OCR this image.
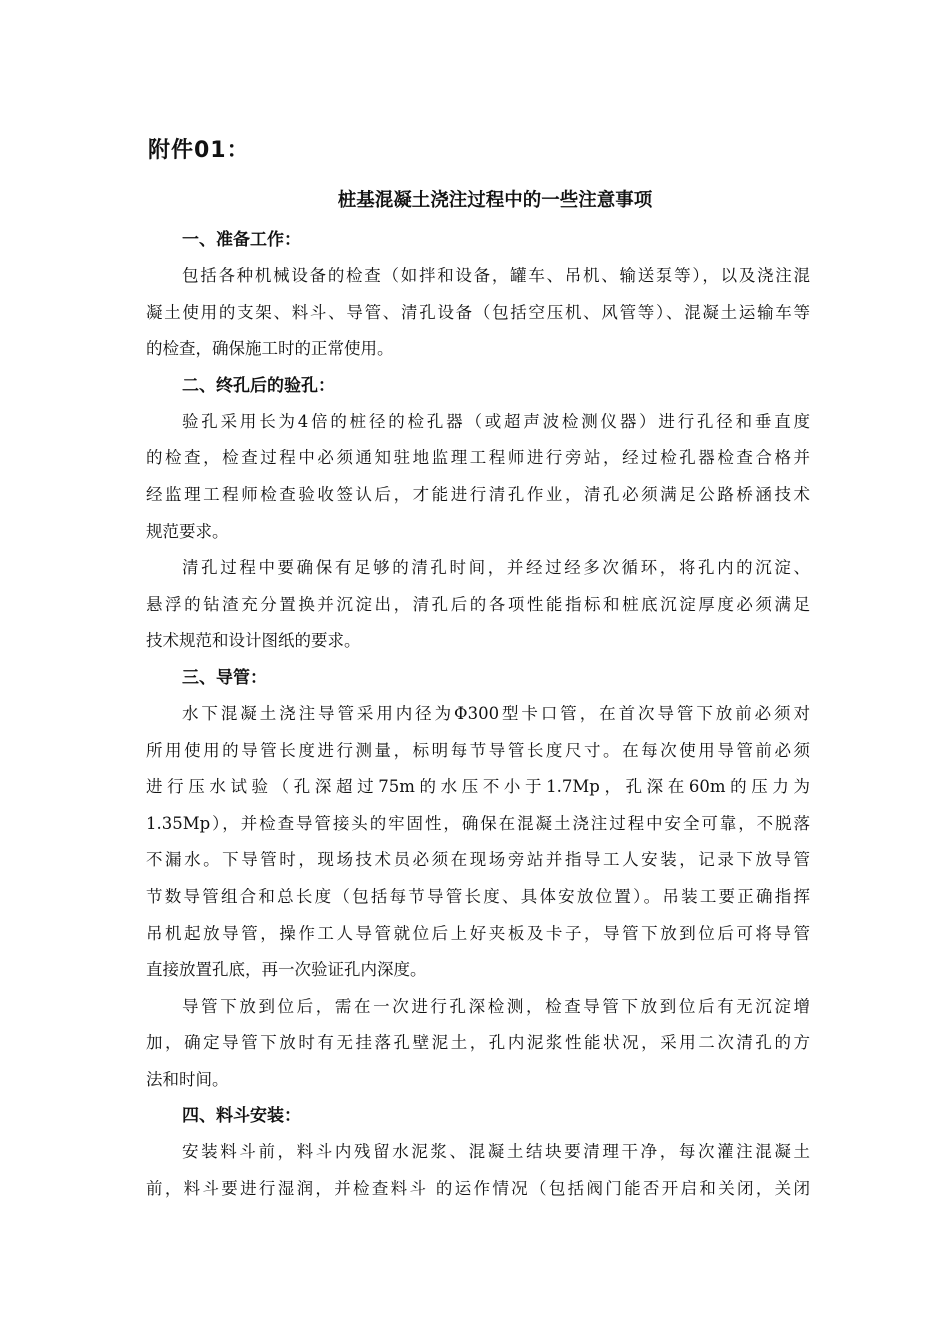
附件01：
桩基混凝土浇注过程中的一些注意事项
一、准备工作：
包括各种机械设备的检查（如拌和设备，罐车、吊机、输送泵等），以及浇注混
凝土使用的支架、料斗、导管、清孔设备（包括空压机、风管等）、混凝土运输车等
的检查，确保施工时的正常使用。
二、终孔后的验孔：
验孔采用长为4倍的桩径的检孔器（或超声波检测仪器）进行孔径和垂直度
的检查，检查过程中必须通知驻地监理工程师进行旁站，经过检孔器检查合格并
经监理工程师检查验收签认后，才能进行清孔作业，清孔必须满足公路桥涵技术
规范要求。
清孔过程中要确保有足够的清孔时间，并经过经多次循环，将孔内的沉淀、
悬浮的钻渣充分置换并沉淀出，清孔后的各项性能指标和桩底沉淀厚度必须满足
技术规范和设计图纸的要求。
三、导管：
水下混凝土浇注导管采用内径为Φ300型卡口管，在首次导管下放前必须对
所用使用的导管长度进行测量，标明每节导管长度尺寸。在每次使用导管前必须
进行压水试验（孔深超过75m的水压不小于1.7Mp，孔深在60m的压力为
1.35Mp），并检查导管接头的牢固性，确保在混凝土浇注过程中安全可靠，不脱落
不漏水。下导管时，现场技术员必须在现场旁站并指导工人安装，记录下放导管
节数导管组合和总长度（包括每节导管长度、具体安放位置）。吊装工要正确指挥
吊机起放导管，操作工人导管就位后上好夹板及卡子，导管下放到位后可将导管
直接放置孔底，再一次验证孔内深度。
导管下放到位后，需在一次进行孔深检测，检查导管下放到位后有无沉淀增
加，确定导管下放时有无挂落孔壁泥土，孔内泥浆性能状况，采用二次清孔的方
法和时间。
四、料斗安装：
安装料斗前，料斗内残留水泥浆、混凝土结块要清理干净，每次灌注混凝土
前，料斗要进行湿润，并检查料斗 的运作情况（包括阀门能否开启和关闭，关闭
